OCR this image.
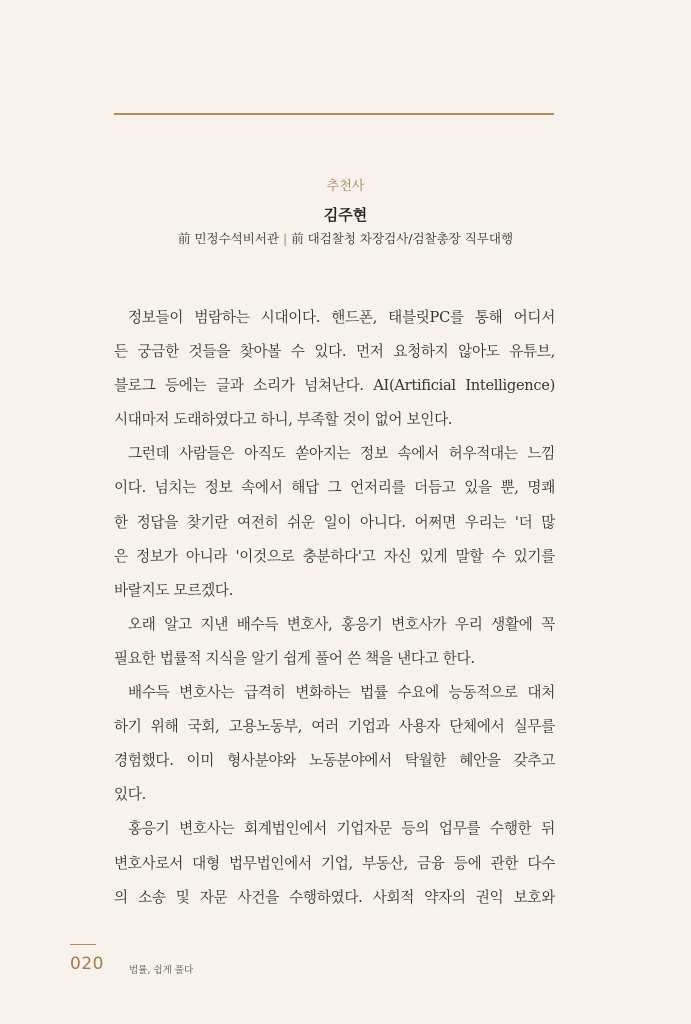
추천사
김주현
前 민정수석비서관 | 前 대검찰청 차장검사/검찰총장 직무대행
정보들이 범람하는 시대이다. 핸드폰, 태블릿PC를 통해 어디서
든 궁금한 것들을 찾아볼 수 있다. 먼저 요청하지 않아도 유튜브,
블로그 등에는 글과 소리가 넘쳐난다. AI(Artificial Intelligence)
시대마저 도래하였다고 하니, 부족할 것이 없어 보인다.
그런데 사람들은 아직도 쏟아지는 정보 속에서 허우적대는 느낌
이다. 넘치는 정보 속에서 해답 그 언저리를 더듬고 있을 뿐, 명쾌
한 정답을 찾기란 여전히 쉬운 일이 아니다. 어쩌면 우리는 '더 많
은 정보가 아니라 '이것으로 충분하다'고 자신 있게 말할 수 있기를
바랄지도 모르겠다.
오래 알고 지낸 배수득 변호사, 홍응기 변호사가 우리 생활에 꼭
필요한 법률적 지식을 알기 쉽게 풀어 쓴 책을 낸다고 한다.
배수득 변호사는 급격히 변화하는 법률 수요에 능동적으로 대처
하기 위해 국회, 고용노동부, 여러 기업과 사용자 단체에서 실무를
경험했다. 이미 형사분야와 노동분야에서 탁월한 혜안을 갖추고
있다.
홍응기 변호사는 회계법인에서 기업자문 등의 업무를 수행한 뒤
변호사로서 대형 법무법인에서 기업, 부동산, 금융 등에 관한 다수
의 소송 및 자문 사건을 수행하였다. 사회적 약자의 권익 보호와
020	법률, 쉽게 풀다
